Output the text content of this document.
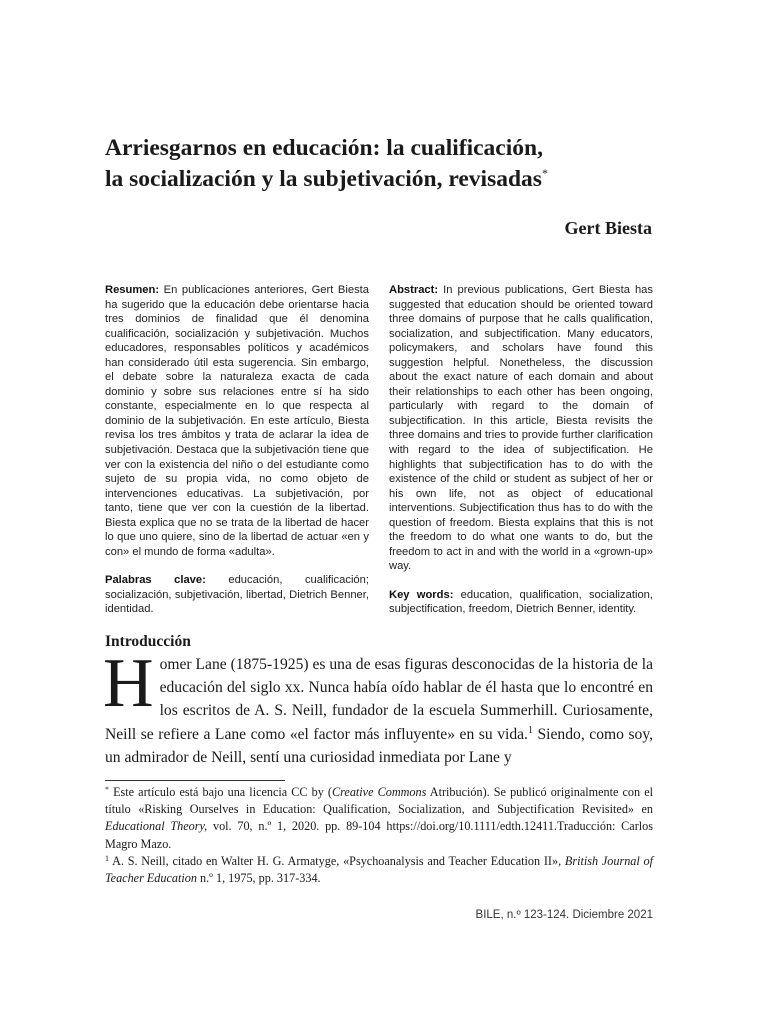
Arriesgarnos en educación: la cualificación,
la socialización y la subjetivación, revisadas*
Gert Biesta

Resumen: En publicaciones anteriores, Gert Biesta ha sugerido que la educación debe orientarse hacia tres dominios de finalidad que él denomina cualificación, socialización y subjetivación. Muchos educadores, responsables políticos y académicos han considerado útil esta sugerencia. Sin embargo, el debate sobre la naturaleza exacta de cada dominio y sobre sus relaciones entre sí ha sido constante, especialmente en lo que respecta al dominio de la subjetivación. En este artículo, Biesta revisa los tres ámbitos y trata de aclarar la idea de subjetivación. Destaca que la subjetivación tiene que ver con la existencia del niño o del estudiante como sujeto de su propia vida, no como objeto de intervenciones educativas. La subjetivación, por tanto, tiene que ver con la cuestión de la libertad. Biesta explica que no se trata de la libertad de hacer lo que uno quiere, sino de la libertad de actuar «en y con» el mundo de forma «adulta».

Palabras clave: educación, cualificación; socialización, subjetivación, libertad, Dietrich Benner, identidad.

Abstract: In previous publications, Gert Biesta has suggested that education should be oriented toward three domains of purpose that he calls qualification, socialization, and subjectification. Many educators, policymakers, and scholars have found this suggestion helpful. Nonetheless, the discussion about the exact nature of each domain and about their relationships to each other has been ongoing, particularly with regard to the domain of subjectification. In this article, Biesta revisits the three domains and tries to provide further clarification with regard to the idea of subjectification. He highlights that subjectification has to do with the existence of the child or student as subject of her or his own life, not as object of educational interventions. Subjectification thus has to do with the question of freedom. Biesta explains that this is not the freedom to do what one wants to do, but the freedom to act in and with the world in a «grown-up» way.

Key words: education, qualification, socialization, subjectification, freedom, Dietrich Benner, identity.

Introducción

Homer Lane (1875-1925) es una de esas figuras desconocidas de la historia de la educación del siglo xx. Nunca había oído hablar de él hasta que lo encontré en los escritos de A. S. Neill, fundador de la escuela Summerhill. Curiosamente, Neill se refiere a Lane como «el factor más influyente» en su vida.$^1$ Siendo, como soy, un admirador de Neill, sentí una curiosidad inmediata por Lane y

* Este artículo está bajo una licencia CC by (Creative Commons Atribución). Se publicó originalmente con el título «Risking Ourselves in Education: Qualification, Socialization, and Subjectification Revisited» en Educational Theory, vol. 70, n.º 1, 2020. pp. 89-104 https://doi.org/10.1111/edth.12411.Traducción: Carlos Magro Mazo.

$^1$ A. S. Neill, citado en Walter H. G. Armatyge, «Psychoanalysis and Teacher Education II», British Journal of Teacher Education n.º 1, 1975, pp. 317-334.

BILE, n.º 123-124. Diciembre 2021
